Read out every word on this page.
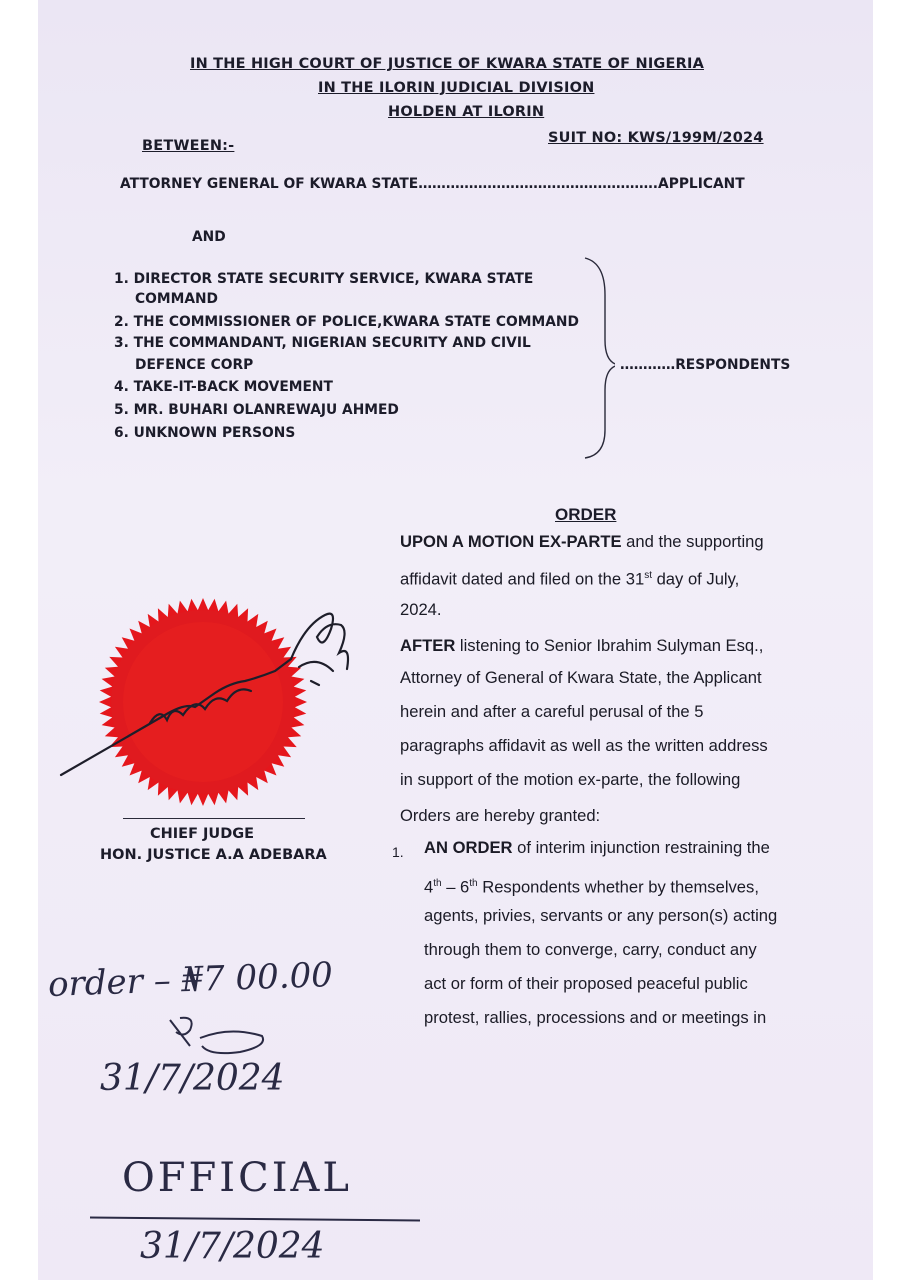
IN THE HIGH COURT OF JUSTICE OF KWARA STATE OF NIGERIA
IN THE ILORIN JUDICIAL DIVISION
HOLDEN AT ILORIN
SUIT NO: KWS/199M/2024
BETWEEN:-
ATTORNEY GENERAL OF KWARA STATE…………………………………………….APPLICANT
AND
1. DIRECTOR STATE SECURITY SERVICE, KWARA STATE
COMMAND
2. THE COMMISSIONER OF POLICE,KWARA STATE COMMAND
3. THE COMMANDANT, NIGERIAN SECURITY AND CIVIL
DEFENCE CORP
4. TAKE-IT-BACK MOVEMENT
5. MR. BUHARI OLANREWAJU AHMED
6. UNKNOWN PERSONS
…………RESPONDENTS
ORDER
UPON A MOTION EX-PARTE and the supporting
affidavit dated and filed on the 31st day of July,
2024.
AFTER listening to Senior Ibrahim Sulyman Esq.,
Attorney of General of Kwara State, the Applicant
herein and after a careful perusal of the 5
paragraphs affidavit as well as the written address
in support of the motion ex-parte, the following
Orders are hereby granted:
1. AN ORDER of interim injunction restraining the
4th – 6th Respondents whether by themselves,
agents, privies, servants or any person(s) acting
through them to converge, carry, conduct any
act or form of their proposed peaceful public
protest, rallies, processions and or meetings in
CHIEF JUDGE
HON. JUSTICE A.A ADEBARA
order – ₦7 00.00
31/7/2024
OFFICIAL
31/7/2024
